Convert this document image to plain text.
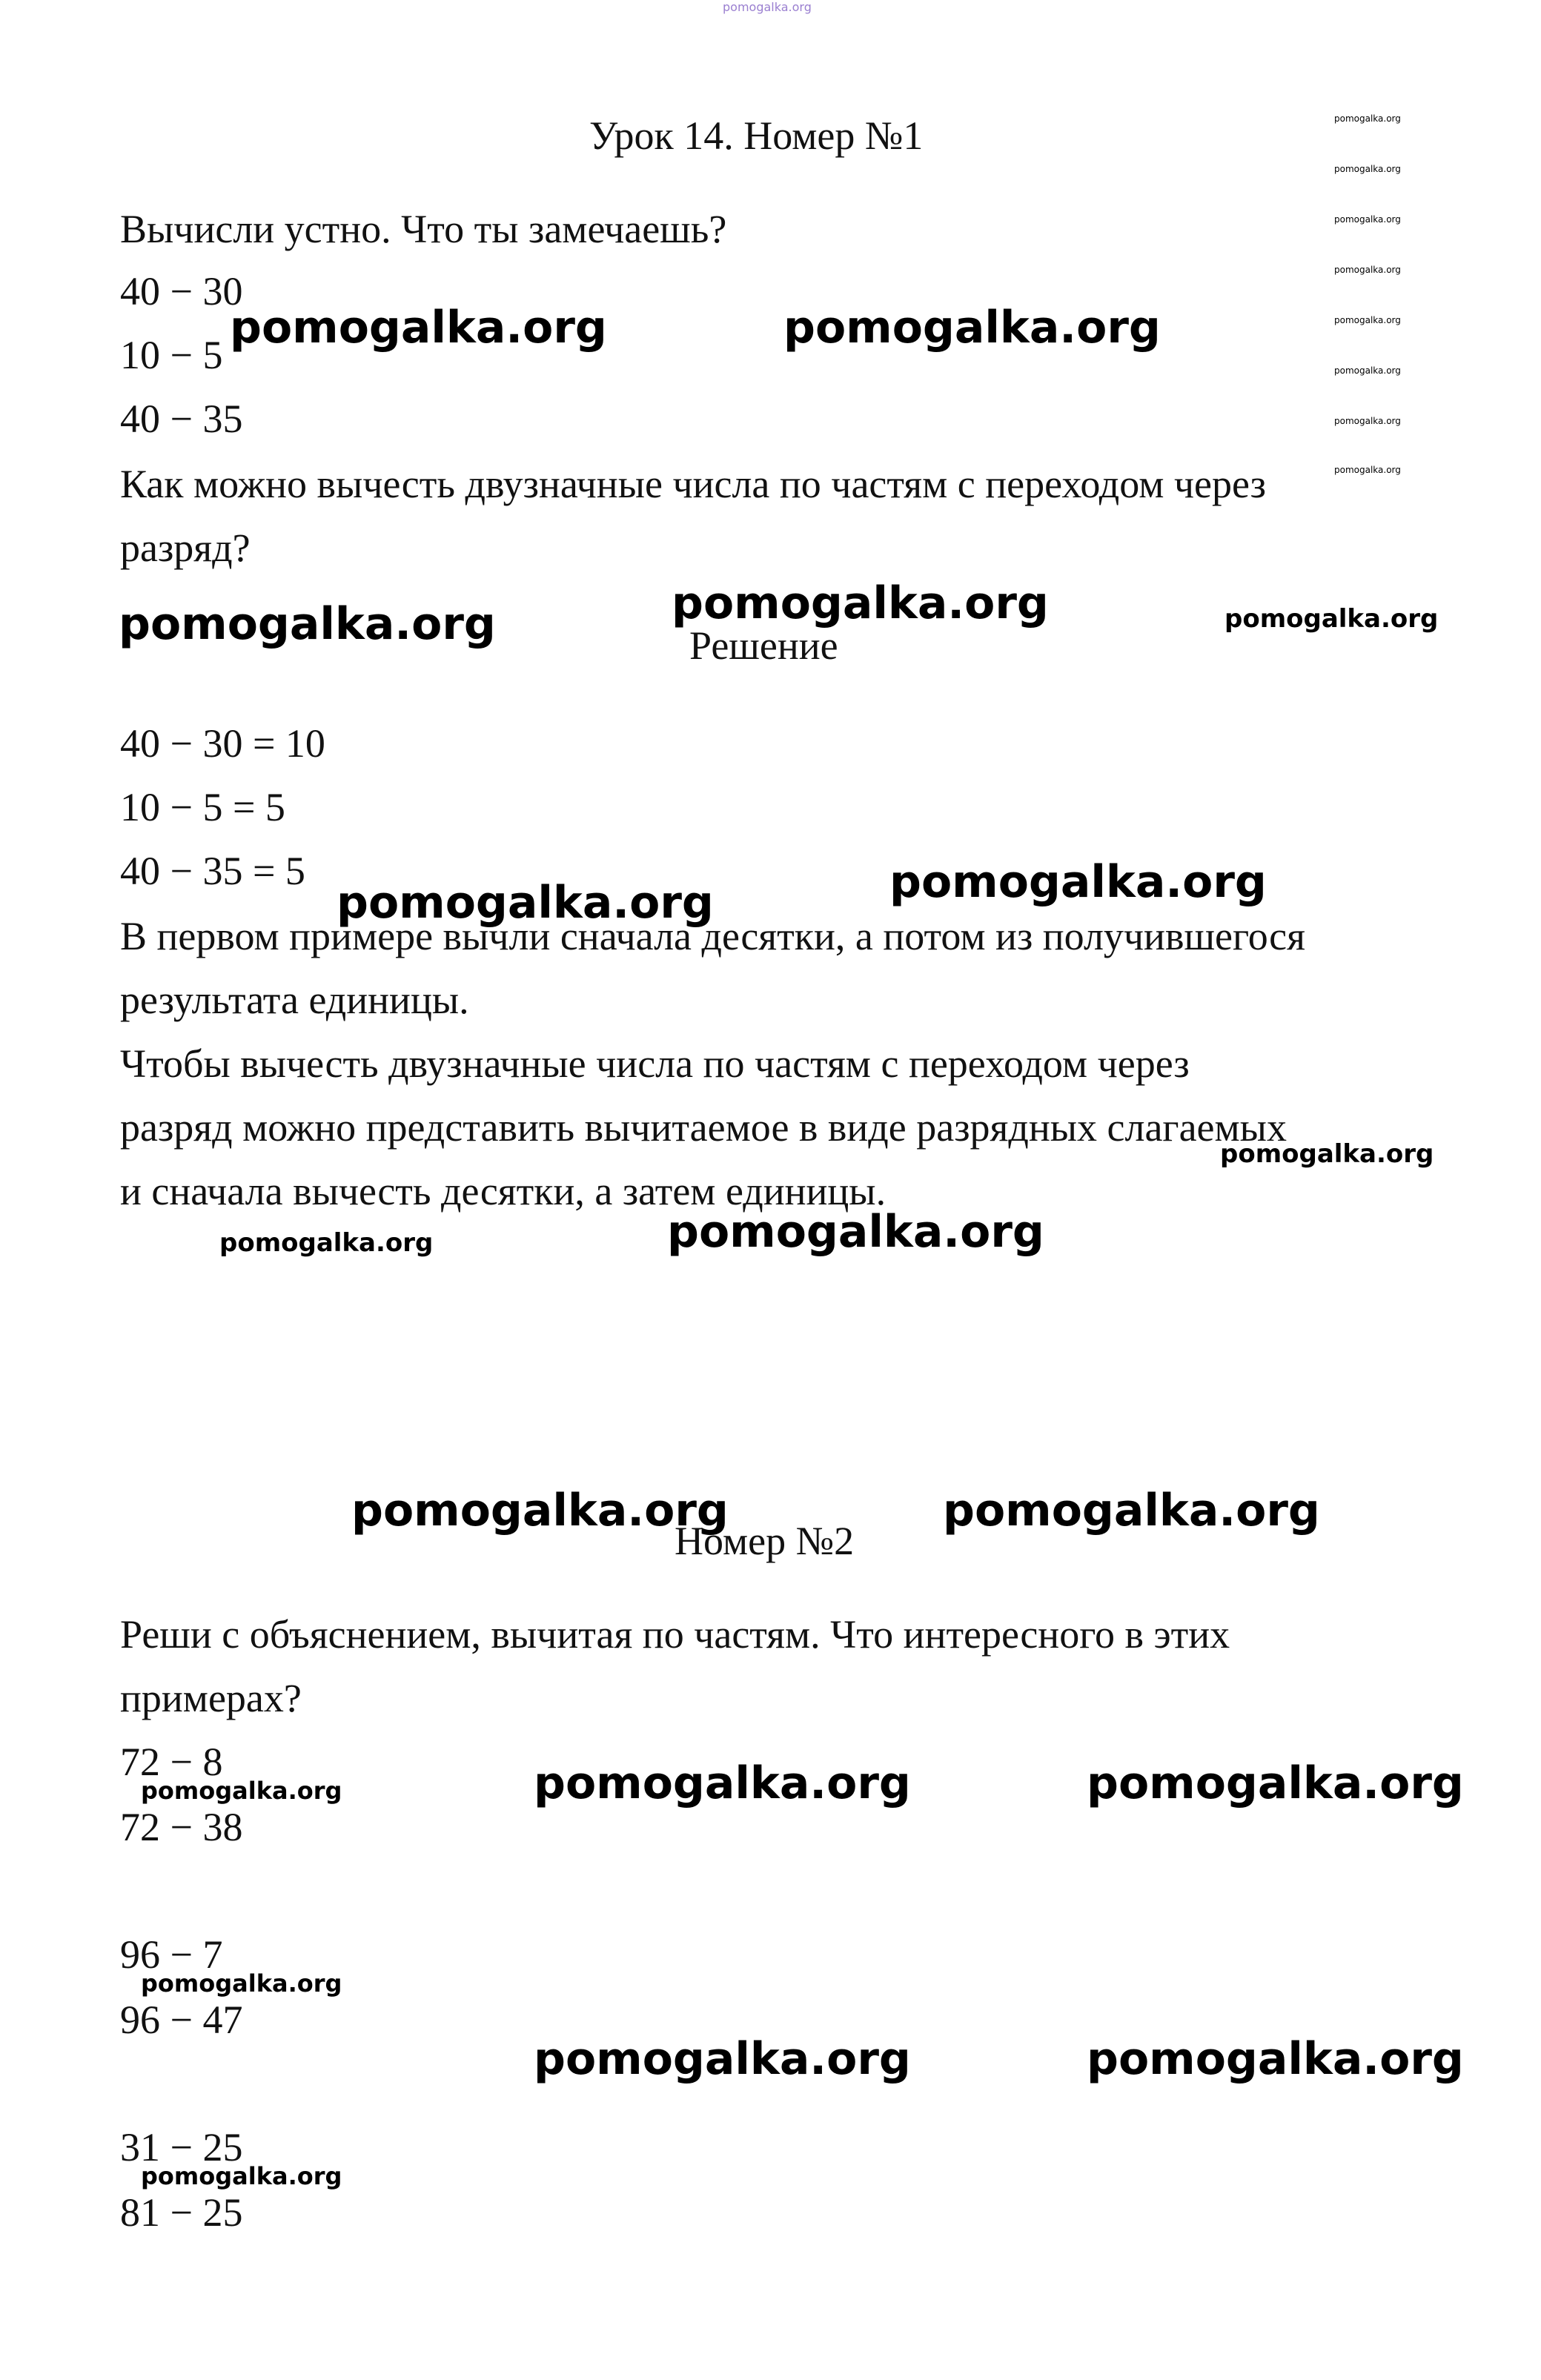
pomogalka.org
Урок 14. Номер №1
Вычисли устно. Что ты замечаешь?
40 − 30
10 − 5
40 − 35
Как можно вычесть двузначные числа по частям с переходом через
разряд?
Решение
40 − 30 = 10
10 − 5 = 5
40 − 35 = 5
В первом примере вычли сначала десятки, а потом из получившегося
результата единицы.
Чтобы вычесть двузначные числа по частям с переходом через
разряд можно представить вычитаемое в виде разрядных слагаемых
и сначала вычесть десятки, а затем единицы.
Номер №2
Реши с объяснением, вычитая по частям. Что интересного в этих
примерах?
72 − 8
72 − 38
96 − 7
96 − 47
31 − 25
81 − 25
pomogalka.org
pomogalka.org
pomogalka.org
pomogalka.org
pomogalka.org
pomogalka.org
pomogalka.org
pomogalka.org
pomogalka.org	pomogalka.org
pomogalka.org	pomogalka.org	pomogalka.org
pomogalka.org
pomogalka.org
pomogalka.org
pomogalka.org	pomogalka.org
pomogalka.org	pomogalka.org
pomogalka.org	pomogalka.org	pomogalka.org
pomogalka.org
pomogalka.org	pomogalka.org
pomogalka.org
